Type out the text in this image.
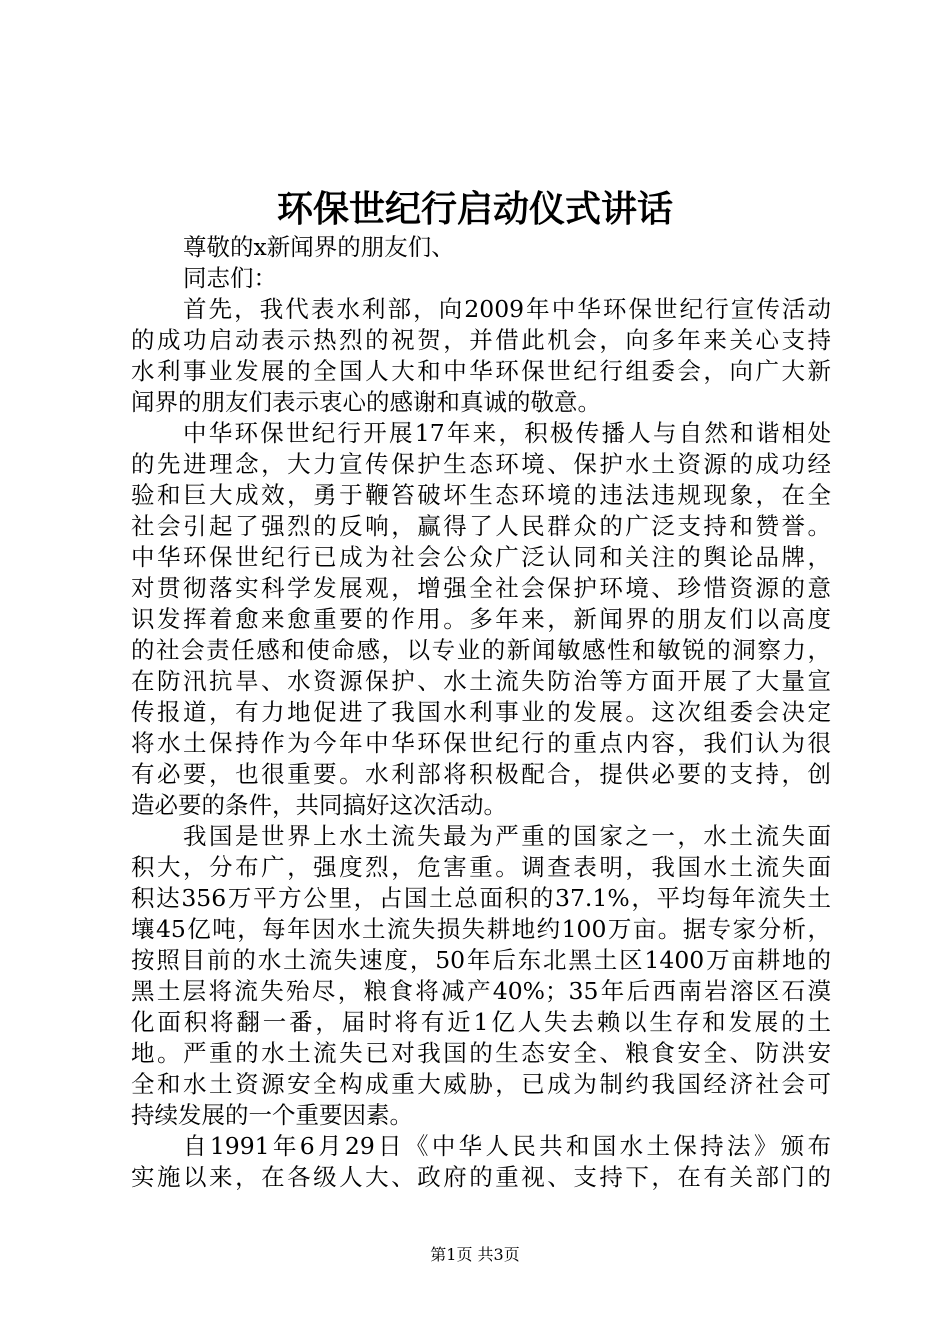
环保世纪行启动仪式讲话
尊敬的x新闻界的朋友们、
同志们：
首先，我代表水利部，向2009年中华环保世纪行宣传活动
的成功启动表示热烈的祝贺，并借此机会，向多年来关心支持
水利事业发展的全国人大和中华环保世纪行组委会，向广大新
闻界的朋友们表示衷心的感谢和真诚的敬意。
中华环保世纪行开展17年来，积极传播人与自然和谐相处
的先进理念，大力宣传保护生态环境、保护水土资源的成功经
验和巨大成效，勇于鞭笞破坏生态环境的违法违规现象，在全
社会引起了强烈的反响，赢得了人民群众的广泛支持和赞誉。
中华环保世纪行已成为社会公众广泛认同和关注的舆论品牌，
对贯彻落实科学发展观，增强全社会保护环境、珍惜资源的意
识发挥着愈来愈重要的作用。多年来，新闻界的朋友们以高度
的社会责任感和使命感，以专业的新闻敏感性和敏锐的洞察力，
在防汛抗旱、水资源保护、水土流失防治等方面开展了大量宣
传报道，有力地促进了我国水利事业的发展。这次组委会决定
将水土保持作为今年中华环保世纪行的重点内容，我们认为很
有必要，也很重要。水利部将积极配合，提供必要的支持，创
造必要的条件，共同搞好这次活动。
我国是世界上水土流失最为严重的国家之一，水土流失面
积大，分布广，强度烈，危害重。调查表明，我国水土流失面
积达356万平方公里，占国土总面积的37.1%，平均每年流失土
壤45亿吨，每年因水土流失损失耕地约100万亩。据专家分析，
按照目前的水土流失速度，50年后东北黑土区1400万亩耕地的
黑土层将流失殆尽，粮食将减产40%；35年后西南岩溶区石漠
化面积将翻一番，届时将有近1亿人失去赖以生存和发展的土
地。严重的水土流失已对我国的生态安全、粮食安全、防洪安
全和水土资源安全构成重大威胁，已成为制约我国经济社会可
持续发展的一个重要因素。
自1991年6月29日《中华人民共和国水土保持法》颁布
实施以来，在各级人大、政府的重视、支持下，在有关部门的
第1页 共3页
